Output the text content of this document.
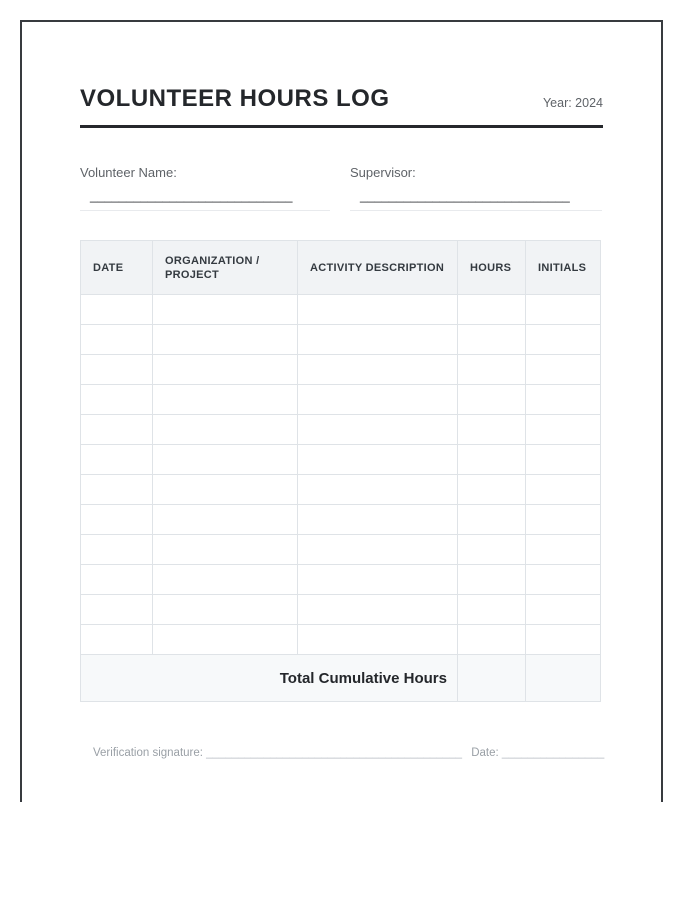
VOLUNTEER HOURS LOG	Year: 2024
Volunteer Name:
____________________________
Supervisor:
_____________________________
DATE	ORGANIZATION / PROJECT	ACTIVITY DESCRIPTION	HOURS	INITIALS

Total Cumulative Hours				
Verification signature: ________________________________________ Date: ________________
